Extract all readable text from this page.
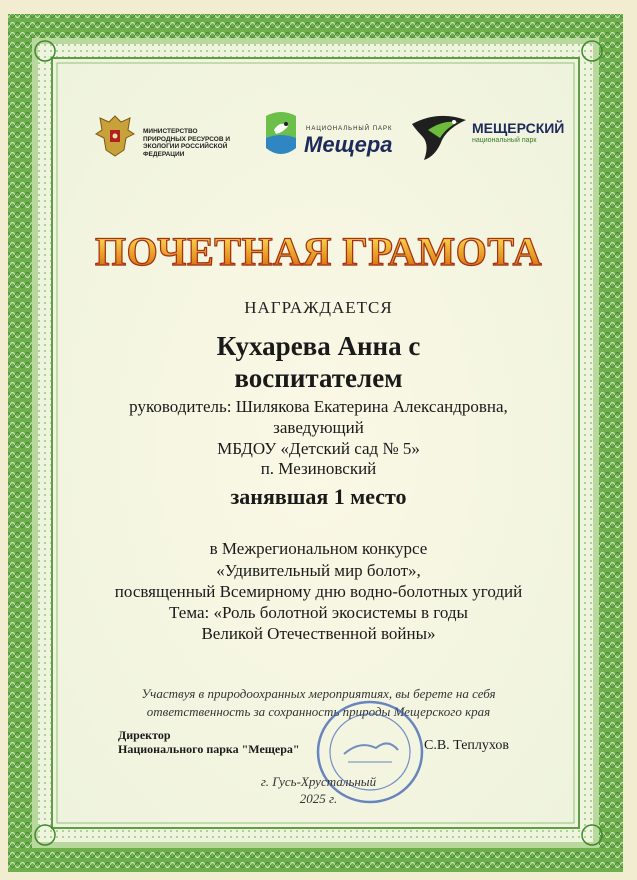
МИНИСТЕРСТВО ПРИРОДНЫХ РЕСУРСОВ И ЭКОЛОГИИ РОССИЙСКОЙ ФЕДЕРАЦИИ
НАЦИОНАЛЬНЫЙ ПАРК
Мещера
МЕЩЕРСКИЙ
национальный парк
ПОЧЕТНАЯ ГРАМОТА
НАГРАЖДАЕТСЯ
Кухарева Анна с
воспитателем
руководитель: Шилякова Екатерина Александровна,
заведующий
МБДОУ «Детский сад № 5»
п. Мезиновский
занявшая 1 место
в Межрегиональном конкурсе
«Удивительный мир болот»,
посвященный Всемирному дню водно-болотных угодий
Тема: «Роль болотной экосистемы в годы
Великой Отечественной войны»
Участвуя в природоохранных мероприятиях, вы берете на себя
ответственность за сохранность природы Мещерского края
Директор
Национального парка "Мещера"	С.В. Теплухов
г. Гусь-Хрустальный
2025 г.
